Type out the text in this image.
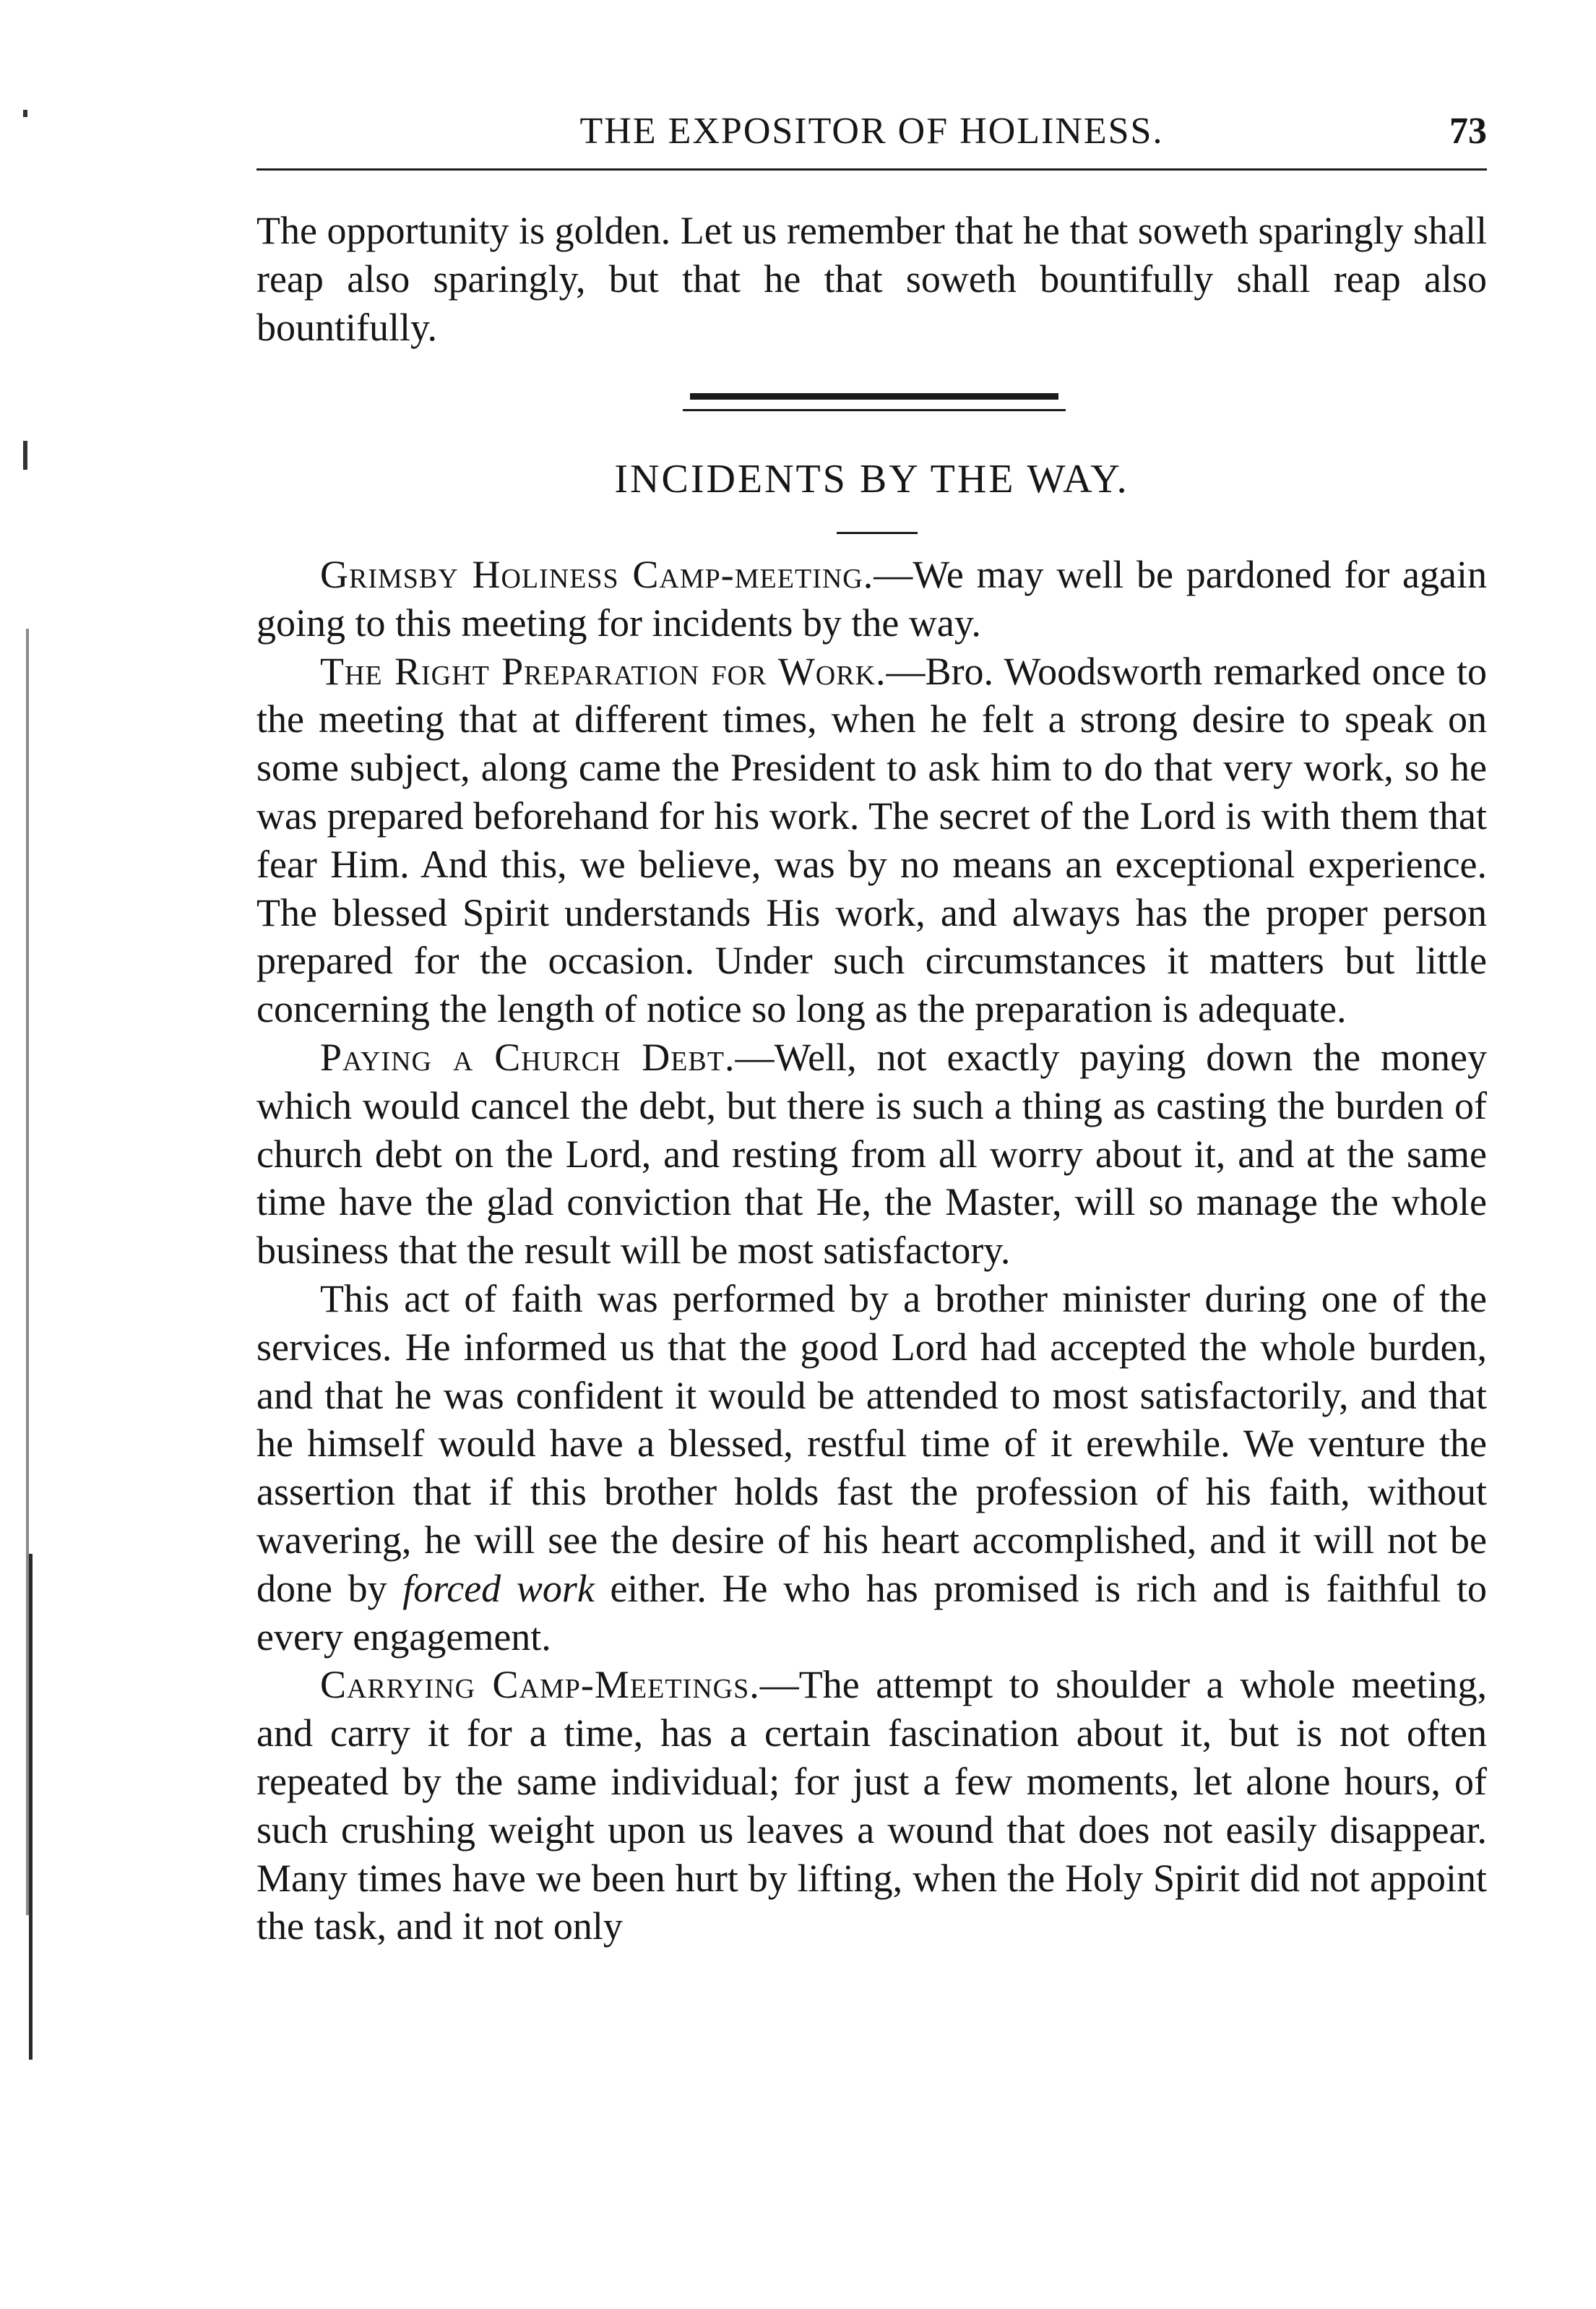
THE EXPOSITOR OF HOLINESS.	73

The opportunity is golden. Let us remember that he that soweth sparingly shall reap also sparingly, but that he that soweth bountifully shall reap also bountifully.

INCIDENTS BY THE WAY.

Grimsby Holiness Camp-meeting.—We may well be pardoned for again going to this meeting for incidents by the way.

The Right Preparation for Work.—Bro. Woodsworth remarked once to the meeting that at different times, when he felt a strong desire to speak on some subject, along came the President to ask him to do that very work, so he was prepared beforehand for his work. The secret of the Lord is with them that fear Him. And this, we believe, was by no means an exceptional experience. The blessed Spirit understands His work, and always has the proper person prepared for the occasion. Under such circumstances it matters but little concerning the length of notice so long as the preparation is adequate.

Paying a Church Debt.—Well, not exactly paying down the money which would cancel the debt, but there is such a thing as casting the burden of church debt on the Lord, and resting from all worry about it, and at the same time have the glad conviction that He, the Master, will so manage the whole business that the result will be most satisfactory.

This act of faith was performed by a brother minister during one of the services. He informed us that the good Lord had accepted the whole burden, and that he was confident it would be attended to most satisfactorily, and that he himself would have a blessed, restful time of it erewhile. We venture the assertion that if this brother holds fast the profession of his faith, without wavering, he will see the desire of his heart accomplished, and it will not be done by forced work either. He who has promised is rich and is faithful to every engagement.

Carrying Camp-Meetings.—The attempt to shoulder a whole meeting, and carry it for a time, has a certain fascination about it, but is not often repeated by the same individual; for just a few moments, let alone hours, of such crushing weight upon us leaves a wound that does not easily disappear. Many times have we been hurt by lifting, when the Holy Spirit did not appoint the task, and it not only
